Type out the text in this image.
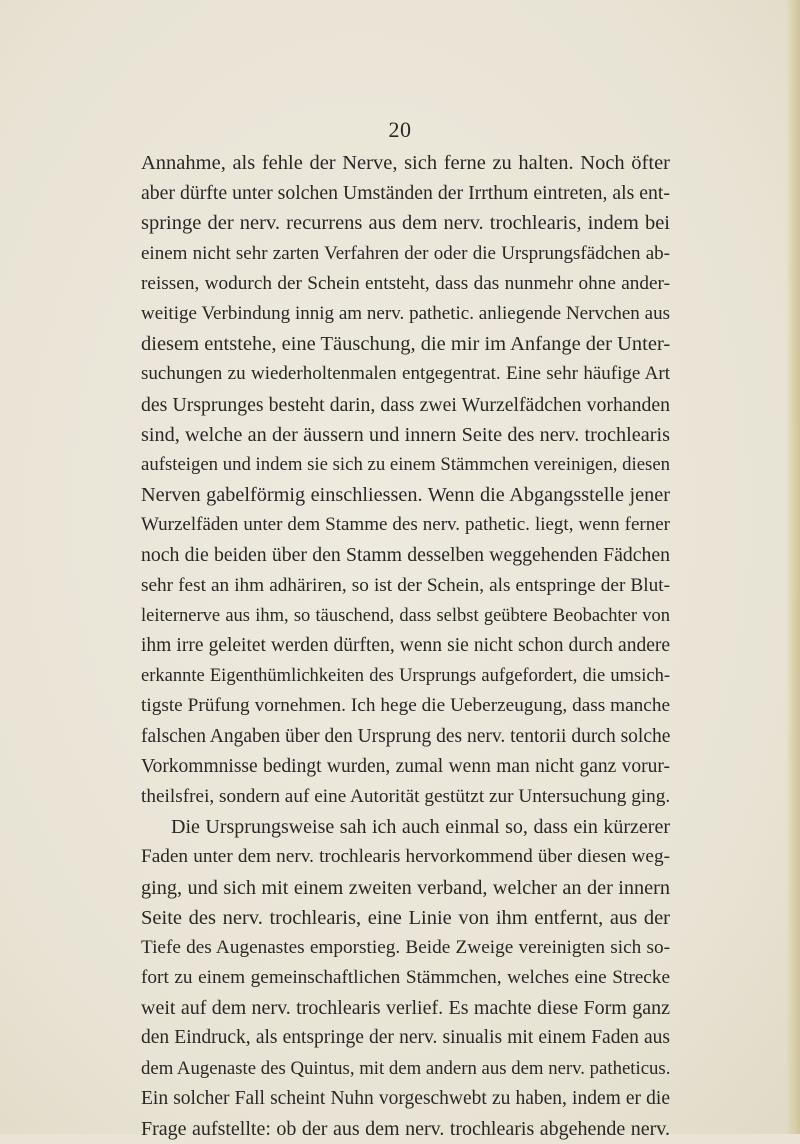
20

Annahme, als fehle der Nerve, sich ferne zu halten. Noch öfter
aber dürfte unter solchen Umständen der Irrthum eintreten, als ent-
springe der nerv. recurrens aus dem nerv. trochlearis, indem bei
einem nicht sehr zarten Verfahren der oder die Ursprungsfädchen ab-
reissen, wodurch der Schein entsteht, dass das nunmehr ohne ander-
weitige Verbindung innig am nerv. pathetic. anliegende Nervchen aus
diesem entstehe, eine Täuschung, die mir im Anfange der Unter-
suchungen zu wiederholtenmalen entgegentrat. Eine sehr häufige Art
des Ursprunges besteht darin, dass zwei Wurzelfädchen vorhanden
sind, welche an der äussern und innern Seite des nerv. trochlearis
aufsteigen und indem sie sich zu einem Stämmchen vereinigen, diesen
Nerven gabelförmig einschliessen. Wenn die Abgangsstelle jener
Wurzelfäden unter dem Stamme des nerv. pathetic. liegt, wenn ferner
noch die beiden über den Stamm desselben weggehenden Fädchen
sehr fest an ihm adhäriren, so ist der Schein, als entspringe der Blut-
leiternerve aus ihm, so täuschend, dass selbst geübtere Beobachter von
ihm irre geleitet werden dürften, wenn sie nicht schon durch andere
erkannte Eigenthümlichkeiten des Ursprungs aufgefordert, die umsich-
tigste Prüfung vornehmen. Ich hege die Ueberzeugung, dass manche
falschen Angaben über den Ursprung des nerv. tentorii durch solche
Vorkommnisse bedingt wurden, zumal wenn man nicht ganz vorur-
theilsfrei, sondern auf eine Autorität gestützt zur Untersuchung ging.
Die Ursprungsweise sah ich auch einmal so, dass ein kürzerer
Faden unter dem nerv. trochlearis hervorkommend über diesen weg-
ging, und sich mit einem zweiten verband, welcher an der innern
Seite des nerv. trochlearis, eine Linie von ihm entfernt, aus der
Tiefe des Augenastes emporstieg. Beide Zweige vereinigten sich so-
fort zu einem gemeinschaftlichen Stämmchen, welches eine Strecke
weit auf dem nerv. trochlearis verlief. Es machte diese Form ganz
den Eindruck, als entspringe der nerv. sinualis mit einem Faden aus
dem Augenaste des Quintus, mit dem andern aus dem nerv. patheticus.
Ein solcher Fall scheint Nuhn vorgeschwebt zu haben, indem er die
Frage aufstellte: ob der aus dem nerv. trochlearis abgehende nerv.
